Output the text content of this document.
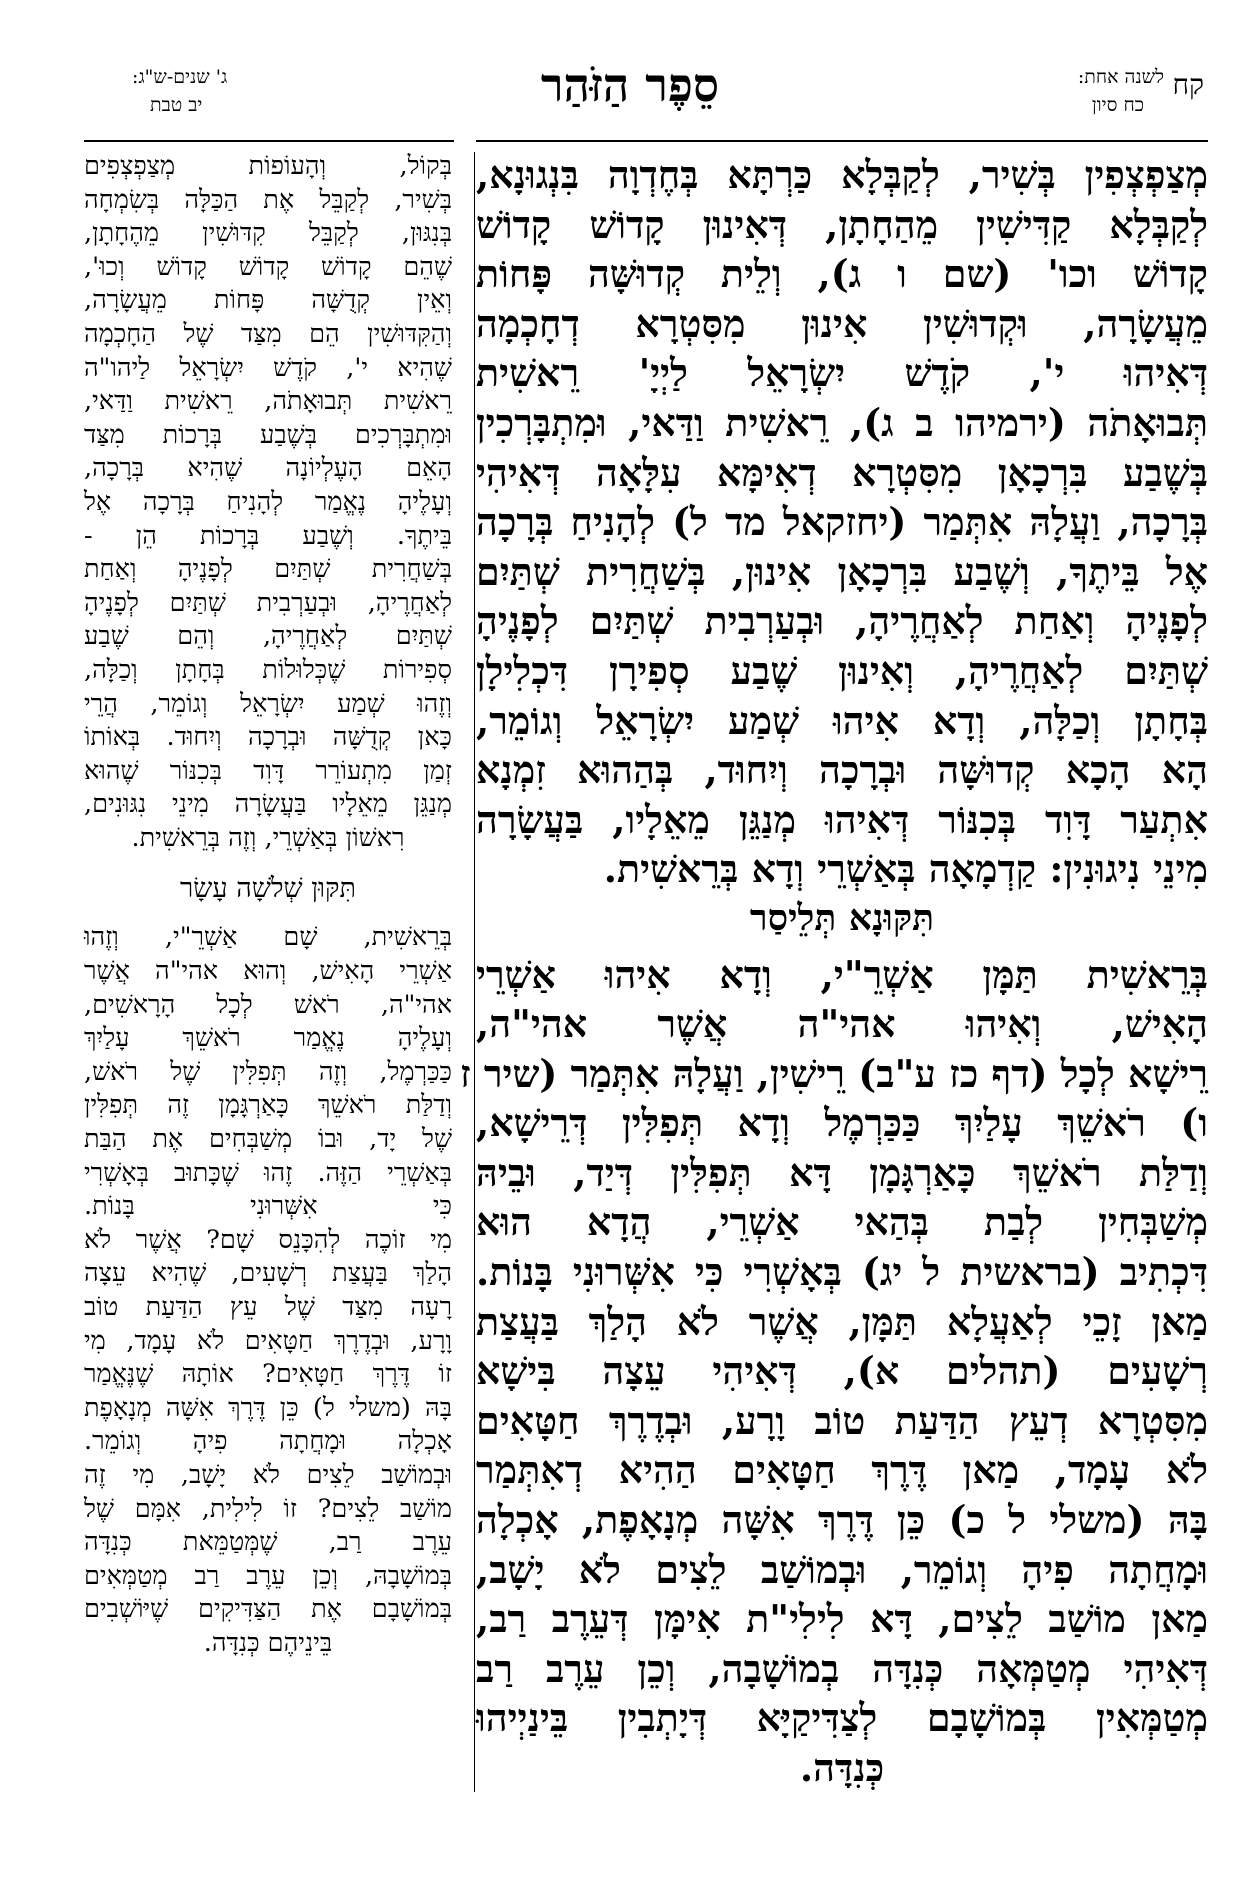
קח
לשנה אחת:
כח סיון
סֵפֶר הַזֹּהַר
ג' שנים-ש"ג:
יב טבת
מְצַפְצְפִין בְּשִׁיר, לְקַבְּלָא כַּרְתָּא בְּחֶדְוָה בִּנְגוּנָא,
לְקַבְּלָא קַדִּישִׁין מֵהַחָתָן, דְּאִינוּן קָדוֹשׁ קָדוֹשׁ
קָדוֹשׁ וכו' (שם ו ג), וְלֵית קְדוּשָּׁה פָּחוֹת
מֵעֲשָׂרָה, וּקְדוּשִׁין אִינוּן מִסִּטְרָא דְחָכְמָה
דְּאִיהוּ י', קֹדֶשׁ יִשְׂרָאֵל לַיְיָ' רֵאשִׁית
תְּבוּאָתֹה (ירמיהו ב ג), רֵאשִׁית וַדַּאי, וּמִתְבָּרְכִין
בְּשֶׁבַע בִּרְכָאָן מִסִּטְרָא דְאִימָּא עִלָּאָה דְּאִיהִי
בְּרָכָה, וַעֲלָהּ אִתְּמַר (יחזקאל מד ל) לְהָנִיחַ בְּרָכָה
אֶל בֵּיתֶךָ, וְשֶׁבַע בִּרְכָאָן אִינוּן, בְּשַׁחֲרִית שְׁתַּיִם
לְפָנֶיהָ וְאַחַת לְאַחֲרֶיהָ, וּבְעַרְבִית שְׁתַּיִם לְפָנֶיהָ
שְׁתַּיִם לְאַחֲרֶיהָ, וְאִינוּן שֶׁבַע סְפִירָן דִּכְלִילָן
בְּחָתָן וְכַלָּה, וְדָא אִיהוּ שְׁמַע יִשְׂרָאֵל וְגוֹמֵר,
הָא הָכָא קְדוּשָּׁה וּבְרָכָה וְיִחוּד, בְּהַהוּא זִמְנָא
אִתְעַר דָּוִד בְּכִנּוֹר דְּאִיהוּ מְנַגֵּן מֵאֵלָיו, בַּעֲשָׂרָה
מִינֵי נִיגוּנִין: קַדְמָאָה בְּאַשְׁרֵי וְדָא בְּרֵאשִׁית.
תִּקּוּנָא תְּלֵיסַר
בְּרֵאשִׁית תַּמָּן אַשְׁרֵ"י, וְדָא אִיהוּ אַשְׁרֵי
הָאִישׁ, וְאִיהוּ אהי"ה אֲשֶׁר אהי"ה,
רֵישָׁא לְכָל (דף כז ע"ב) רֵישִׁין, וַעֲלָהּ אִתְּמַר (שיר ז
ו) רֹאשֵׁךְ עָלַיִךְ כַּכַּרְמֶל וְדָא תְּפִלִּין דְּרֵישָׁא,
וְדַלַּת רֹאשֵׁךְ כָּאַרְגָּמָן דָּא תְּפִלִּין דְּיַד, וּבֵיהּ
מְשַׁבְּחִין לְבַת בְּהַאי אַשְׁרֵי, הֲדָא הוּא
דִּכְתִיב (בראשית ל יג) בְּאָשְׁרִי כִּי אִשְּׁרוּנִי בָּנוֹת.
מַאן זָכֵי לְאַעֲלָא תַּמָּן, אֲשֶׁר לֹא הָלַךְ בַּעֲצַת
רְשָׁעִים (תהלים א), דְּאִיהִי עֵצָה בִּישָׁא
מִסִּטְרָא דְעֵץ הַדַּעַת טוֹב וָרָע, וּבְדֶרֶךְ חַטָּאִים
לֹא עָמָד, מַאן דֶּרֶךְ חַטָּאִים הַהִיא דְאִתְּמַר
בָּהּ (משלי ל כ) כֵּן דֶּרֶךְ אִשָּׁה מְנָאָפֶת, אָכְלָה
וּמָחֲתָה פִיהָ וְגוֹמֵר, וּבְמוֹשַׁב לֵצִים לֹא יָשָׁב,
מַאן מוֹשַׁב לֵצִים, דָּא לִילִי"ת אִימָּן דְּעֵרֶב רַב,
דְּאִיהִי מְטַמְּאָה כְּנִדָּה בְמוֹשָׁבָה, וְכֵן עֵרֶב רַב
מְטַמְּאִין בְּמוֹשָׁבָם לְצַדִּיקַיָּא דְּיָתְבִין בֵּינַיְיהוּ
כְּנִדָּה.
בְּקוֹל, וְהָעוֹפוֹת מְצַפְצְפִים
בְּשִׁיר, לְקַבֵּל אֶת הַכַּלָּה בְּשִׂמְחָה
בְּנִגּוּן, לְקַבֵּל קִדּוּשִׁין מֵהֶחָתָן,
שֶׁהֵם קָדוֹשׁ קָדוֹשׁ קָדוֹשׁ וְכוּ',
וְאֵין קְדֻשָּׁה פָּחוֹת מֵעֲשָׂרָה,
וְהַקִּדּוּשִׁין הֵם מִצַּד שֶׁל הַחָכְמָה
שֶׁהִיא י', קֹדֶשׁ יִשְׂרָאֵל לַיהו"ה
רֵאשִׁית תְּבוּאָתֹה, רֵאשִׁית וַדַּאי,
וּמִתְבָּרְכִים בְּשֶׁבַע בְּרָכוֹת מִצַּד
הָאֵם הָעֶלְיוֹנָה שֶׁהִיא בְּרָכָה,
וְעָלֶיהָ נֶאֱמַר לְהָנִיחַ בְּרָכָה אֶל
בֵּיתֶךָ. וְשֶׁבַע בְּרָכוֹת הֵן -
בְּשַׁחֲרִית שְׁתַּיִם לְפָנֶיהָ וְאַחַת
לְאַחֲרֶיהָ, וּבְעַרְבִית שְׁתַּיִם לְפָנֶיהָ
שְׁתַּיִם לְאַחֲרֶיהָ, וְהֵם שֶׁבַע
סְפִירוֹת שֶׁכְּלוּלוֹת בְּחָתָן וְכַלָּה,
וְזֶהוּ שְׁמַע יִשְׂרָאֵל וְגוֹמֵר, הֲרֵי
כָּאן קְדֻשָּׁה וּבְרָכָה וְיִחוּד. בְּאוֹתוֹ
זְמַן מִתְעוֹרֵר דָּוִד בְּכִנּוֹר שֶׁהוּא
מְנַגֵּן מֵאֵלָיו בַּעֲשָׂרָה מִינֵי נִגּוּנִים,
רִאשׁוֹן בְּאַשְׁרֵי, וְזֶה בְּרֵאשִׁית.
תִּקּוּן שְׁלֹשָׁה עָשָׂר
בְּרֵאשִׁית, שָׁם אַשְׁרֵ"י, וְזֶהוּ
אַשְׁרֵי הָאִישׁ, וְהוּא אהי"ה אֲשֶׁר
אהי"ה, רֹאשׁ לְכָל הָרָאשִׁים,
וְעָלֶיהָ נֶאֱמַר רֹאשֵׁךְ עָלַיִךְ
כַּכַּרְמֶל, וְזֶה תְּפִלִּין שֶׁל רֹאשׁ,
וְדַלַּת רֹאשֵׁךְ כָּאַרְגָּמָן זֶה תְּפִלִּין
שֶׁל יָד, וּבוֹ מְשַׁבְּחִים אֶת הַבַּת
בְּאַשְׁרֵי הַזֶּה. זֶהוּ שֶׁכָּתוּב בְּאָשְׁרִי
כִּי אִשְּׁרוּנִי בָּנוֹת.
מִי זוֹכֶה לְהִכָּנֵס שָׁם? אֲשֶׁר לֹא
הָלַךְ בַּעֲצַת רְשָׁעִים, שֶׁהִיא עֵצָה
רָעָה מִצַּד שֶׁל עֵץ הַדַּעַת טוֹב
וָרָע, וּבְדֶרֶךְ חַטָּאִים לֹא עָמָד, מִי
זוֹ דֶּרֶךְ חַטָּאִים? אוֹתָהּ שֶׁנֶּאֱמַר
בָּהּ (משלי ל) כֵּן דֶּרֶךְ אִשָּׁה מְנָאָפֶת
אָכְלָה וּמָחֲתָה פִיהָ וְגוֹמֵר.
וּבְמוֹשַׁב לֵצִים לֹא יָשָׁב, מִי זֶה
מוֹשַׁב לֵצִים? זוֹ לִילִית, אִמָּם שֶׁל
עֵרֶב רַב, שֶׁמְּטַמֵּאת כְּנִדָּה
בְּמוֹשָׁבָהּ, וְכֵן עֵרֶב רַב מְטַמְּאִים
בְּמוֹשָׁבָם אֶת הַצַּדִּיקִים שֶׁיּוֹשְׁבִים
בֵּינֵיהֶם כְּנִדָּה.
